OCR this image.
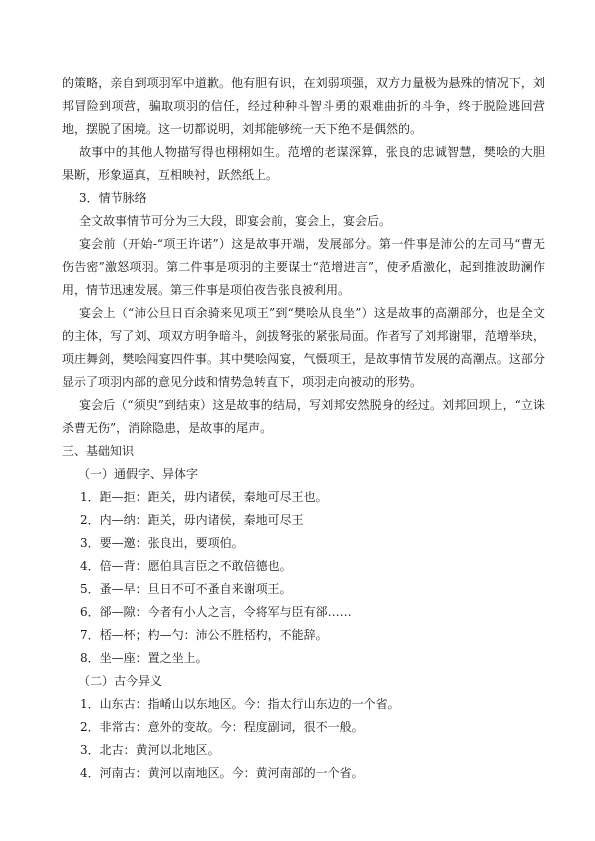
的策略，亲自到项羽军中道歉。他有胆有识，在刘弱项强，双方力量极为悬殊的情况下，刘邦冒险到项营，骗取项羽的信任，经过种种斗智斗勇的艰难曲折的斗争，终于脱险逃回营地，摆脱了困境。这一切都说明，刘邦能够统一天下绝不是偶然的。

故事中的其他人物描写得也栩栩如生。范增的老谋深算，张良的忠诚智慧，樊哙的大胆果断，形象逼真，互相映衬，跃然纸上。

3．情节脉络

全文故事情节可分为三大段，即宴会前，宴会上，宴会后。

宴会前（开始-“项王许诺”）这是故事开端，发展部分。第一件事是沛公的左司马“曹无伤告密”激怒项羽。第二件事是项羽的主要谋士“范增进言”，使矛盾激化，起到推波助澜作用，情节迅速发展。第三件事是项伯夜告张良被利用。

宴会上（“沛公旦日百余骑来见项王”到“樊哙从良坐”）这是故事的高潮部分，也是全文的主体，写了刘、项双方明争暗斗，剑拔弩张的紧张局面。作者写了刘邦谢罪，范增举玦，项庄舞剑，樊哙闯宴四件事。其中樊哙闯宴，气慑项王，是故事情节发展的高潮点。这部分显示了项羽内部的意见分歧和情势急转直下，项羽走向被动的形势。

宴会后（“须臾”到结束）这是故事的结局，写刘邦安然脱身的经过。刘邦回坝上，“立诛杀曹无伤”，消除隐患，是故事的尾声。

三、基础知识

（一）通假字、异体字

1．距—拒：距关，毋内诸侯，秦地可尽王也。

2．内—纳：距关，毋内诸侯，秦地可尽王

3．要—邀：张良出，要项伯。

4．倍—背：愿伯具言臣之不敢倍德也。

5．蚤—早：旦日不可不蚤自来谢项王。

6．郤—隙：今者有小人之言，令将军与臣有郤……

7．桮—杯；杓—勺：沛公不胜桮杓，不能辞。

8．坐—座：置之坐上。

（二）古今异义

1．山东古：指崤山以东地区。今：指太行山东边的一个省。

2．非常古：意外的变故。今：程度副词，很不一般。

3．北古：黄河以北地区。

4．河南古：黄河以南地区。今：黄河南部的一个省。
